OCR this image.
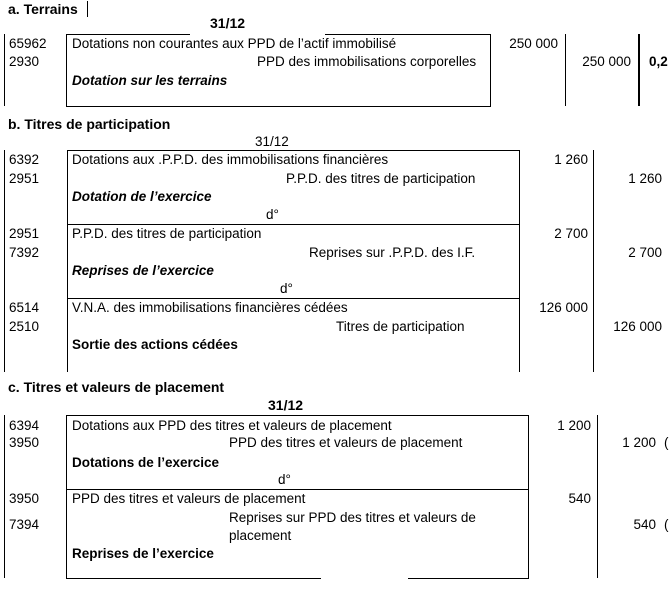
a. Terrains
31/12
65962
2930
Dotations non courantes aux PPD de l’actif immobilisé
PPD des immobilisations corporelles
Dotation sur les terrains
250 000
250 000 0,2
b. Titres de participation
31/12
6392
2951
Dotations aux .P.P.D. des immobilisations financières
P.P.D. des titres de participation
Dotation de l’exercice
1 260
1 260
d°
2951
7392
P.P.D. des titres de participation
Reprises sur .P.P.D. des I.F.
Reprises de l’exercice
2 700
2 700
d°
6514
2510
V.N.A. des immobilisations financières cédées
Titres de participation
Sortie des actions cédées
126 000
126 000
c. Titres et valeurs de placement
31/12
6394
3950
Dotations aux PPD des titres et valeurs de placement
PPD des titres et valeurs de placement
Dotations de l’exercice
1 200
1 200 (
d°
3950
7394
PPD des titres et valeurs de placement
Reprises sur PPD des titres et valeurs de
placement
Reprises de l’exercice
540
540 (
